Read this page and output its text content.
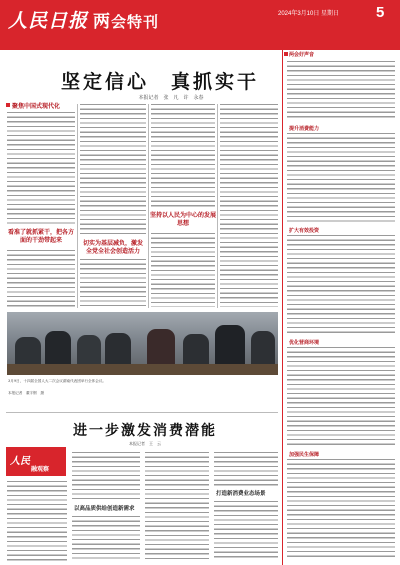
人民日报 两会特刊	2024年3月10日 星期日 5
坚定信心　真抓实干
本报记者　张　凡　许　永春
聚焦中国式现代化
看准了就抓紧干，把各方面的干劲带起来	切实为基层减负，激发全党全社会创造活力
坚持以人民为中心的发展思想
3月9日，十四届全国人大二次会议湖南代表团举行全体会议。
本报记者　董宇钢　摄
进一步激发消费潜能
本报记者　王　云
人民
融观察
以高品质供给创造新需求
打造新消费业态场景
两会好声音
提升消费能力
扩大有效投资
优化营商环境
加强民生保障
